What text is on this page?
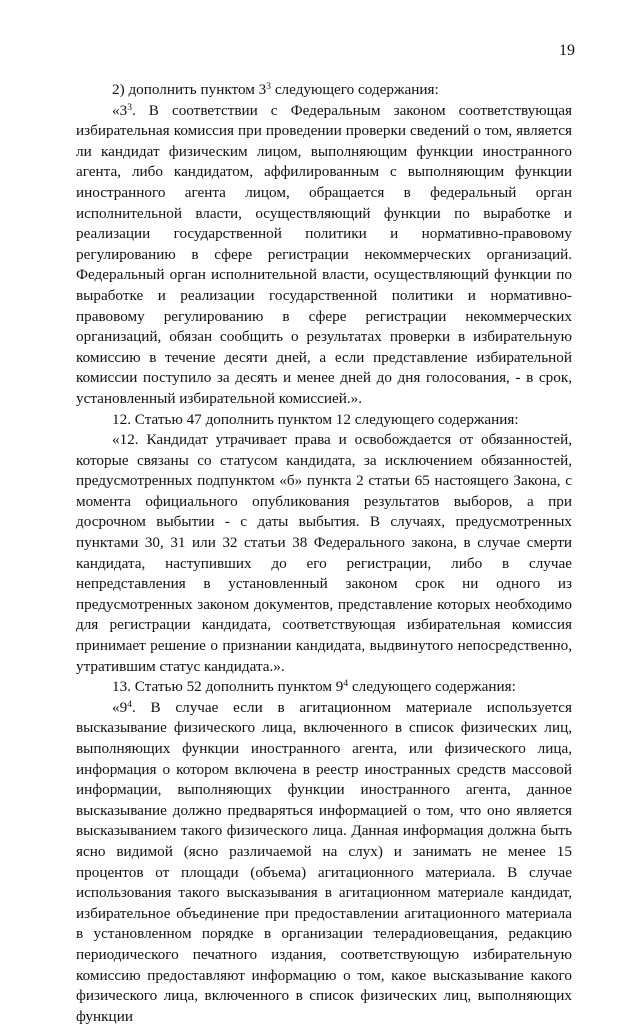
19

2) дополнить пунктом $3^3$ следующего содержания:

«$3^3$. В соответствии с Федеральным законом соответствующая избирательная комиссия при проведении проверки сведений о том, является ли кандидат физическим лицом, выполняющим функции иностранного агента, либо кандидатом, аффилированным с выполняющим функции иностранного агента лицом, обращается в федеральный орган исполнительной власти, осуществляющий функции по выработке и реализации государственной политики и нормативно-правовому регулированию в сфере регистрации некоммерческих организаций. Федеральный орган исполнительной власти, осуществляющий функции по выработке и реализации государственной политики и нормативно-правовому регулированию в сфере регистрации некоммерческих организаций, обязан сообщить о результатах проверки в избирательную комиссию в течение десяти дней, а если представление избирательной комиссии поступило за десять и менее дней до дня голосования, - в срок, установленный избирательной комиссией.».

12. Статью 47 дополнить пунктом 12 следующего содержания:

«12. Кандидат утрачивает права и освобождается от обязанностей, которые связаны со статусом кандидата, за исключением обязанностей, предусмотренных подпунктом «б» пункта 2 статьи 65 настоящего Закона, с момента официального опубликования результатов выборов, а при досрочном выбытии - с даты выбытия. В случаях, предусмотренных пунктами 30, 31 или 32 статьи 38 Федерального закона, в случае смерти кандидата, наступивших до его регистрации, либо в случае непредставления в установленный законом срок ни одного из предусмотренных законом документов, представление которых необходимо для регистрации кандидата, соответствующая избирательная комиссия принимает решение о признании кандидата, выдвинутого непосредственно, утратившим статус кандидата.».

13. Статью 52 дополнить пунктом $9^4$ следующего содержания:

«$9^4$. В случае если в агитационном материале используется высказывание физического лица, включенного в список физических лиц, выполняющих функции иностранного агента, или физического лица, информация о котором включена в реестр иностранных средств массовой информации, выполняющих функции иностранного агента, данное высказывание должно предваряться информацией о том, что оно является высказыванием такого физического лица. Данная информация должна быть ясно видимой (ясно различаемой на слух) и занимать не менее 15 процентов от площади (объема) агитационного материала. В случае использования такого высказывания в агитационном материале кандидат, избирательное объединение при предоставлении агитационного материала в установленном порядке в организации телерадиовещания, редакцию периодического печатного издания, соответствующую избирательную комиссию предоставляют информацию о том, какое высказывание какого физического лица, включенного в список физических лиц, выполняющих функции
